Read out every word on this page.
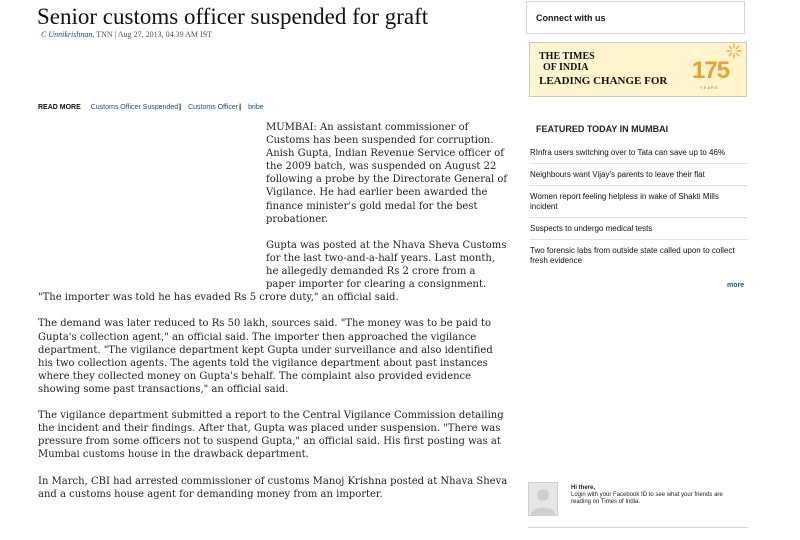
Senior customs officer suspended for graft
C Unnikrishnan, TNN | Aug 27, 2013, 04.39 AM IST
READ MORE Customs Officer Suspended| Customs Officer| bribe

MUMBAI: An assistant commissioner of Customs has been suspended for corruption. Anish Gupta, Indian Revenue Service officer of the 2009 batch, was suspended on August 22 following a probe by the Directorate General of Vigilance. He had earlier been awarded the finance minister's gold medal for the best probationer.

Gupta was posted at the Nhava Sheva Customs
for the last two-and-a-half years. Last month,
he allegedly demanded Rs 2 crore from a
paper importer for clearing a consignment.

"The importer was told he has evaded Rs 5 crore duty," an official said.

The demand was later reduced to Rs 50 lakh, sources said. "The money was to be paid to Gupta's collection agent," an official said. The importer then approached the vigilance department. "The vigilance department kept Gupta under surveillance and also identified his two collection agents. The agents told the vigilance department about past instances where they collected money on Gupta's behalf. The complaint also provided evidence showing some past transactions," an official said.

The vigilance department submitted a report to the Central Vigilance Commission detailing the incident and their findings. After that, Gupta was placed under suspension. "There was pressure from some officers not to suspend Gupta," an official said. His first posting was at Mumbai customs house in the drawback department.

In March, CBI had arrested commissioner of customs Manoj Krishna posted at Nhava Sheva and a customs house agent for demanding money from an importer.

Connect with us
THE TIMES
OF INDIA
LEADING CHANGE FOR 175
YEARS
FEATURED TODAY IN MUMBAI
RInfra users switching over to Tata can save up to 46%
Neighbours want Vijay's parents to leave their flat
Women report feeling helpless in wake of Shakti Mills incident
Suspects to undergo medical tests
Two forensic labs from outside state called upon to collect fresh evidence
more
Hi there,
Login with your Facebook ID to see what your friends are reading on Times of India.
